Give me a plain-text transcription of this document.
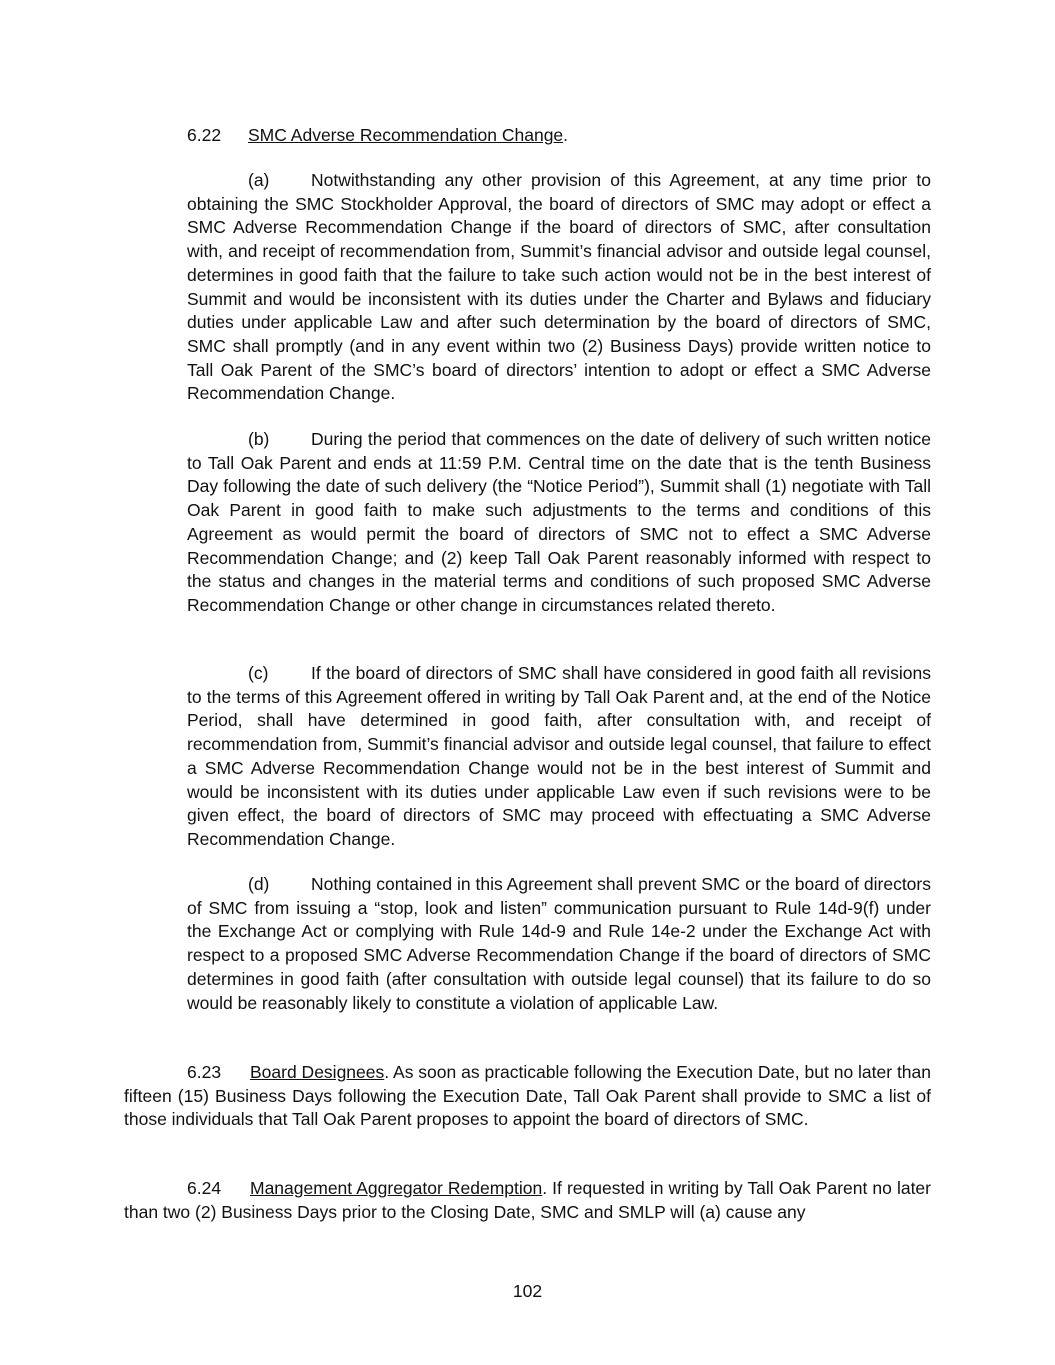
6.22 SMC Adverse Recommendation Change.

(a) Notwithstanding any other provision of this Agreement, at any time prior to obtaining the SMC Stockholder Approval, the board of directors of SMC may adopt or effect a SMC Adverse Recommendation Change if the board of directors of SMC, after consultation with, and receipt of recommendation from, Summit’s financial advisor and outside legal counsel, determines in good faith that the failure to take such action would not be in the best interest of Summit and would be inconsistent with its duties under the Charter and Bylaws and fiduciary duties under applicable Law and after such determination by the board of directors of SMC, SMC shall promptly (and in any event within two (2) Business Days) provide written notice to Tall Oak Parent of the SMC’s board of directors’ intention to adopt or effect a SMC Adverse Recommendation Change.

(b) During the period that commences on the date of delivery of such written notice to Tall Oak Parent and ends at 11:59 P.M. Central time on the date that is the tenth Business Day following the date of such delivery (the “Notice Period”), Summit shall (1) negotiate with Tall Oak Parent in good faith to make such adjustments to the terms and conditions of this Agreement as would permit the board of directors of SMC not to effect a SMC Adverse Recommendation Change; and (2) keep Tall Oak Parent reasonably informed with respect to the status and changes in the material terms and conditions of such proposed SMC Adverse Recommendation Change or other change in circumstances related thereto.

(c) If the board of directors of SMC shall have considered in good faith all revisions to the terms of this Agreement offered in writing by Tall Oak Parent and, at the end of the Notice Period, shall have determined in good faith, after consultation with, and receipt of recommendation from, Summit’s financial advisor and outside legal counsel, that failure to effect a SMC Adverse Recommendation Change would not be in the best interest of Summit and would be inconsistent with its duties under applicable Law even if such revisions were to be given effect, the board of directors of SMC may proceed with effectuating a SMC Adverse Recommendation Change.

(d) Nothing contained in this Agreement shall prevent SMC or the board of directors of SMC from issuing a “stop, look and listen” communication pursuant to Rule 14d-9(f) under the Exchange Act or complying with Rule 14d-9 and Rule 14e-2 under the Exchange Act with respect to a proposed SMC Adverse Recommendation Change if the board of directors of SMC determines in good faith (after consultation with outside legal counsel) that its failure to do so would be reasonably likely to constitute a violation of applicable Law.

6.23 Board Designees. As soon as practicable following the Execution Date, but no later than fifteen (15) Business Days following the Execution Date, Tall Oak Parent shall provide to SMC a list of those individuals that Tall Oak Parent proposes to appoint the board of directors of SMC.

6.24 Management Aggregator Redemption. If requested in writing by Tall Oak Parent no later than two (2) Business Days prior to the Closing Date, SMC and SMLP will (a) cause any

102
